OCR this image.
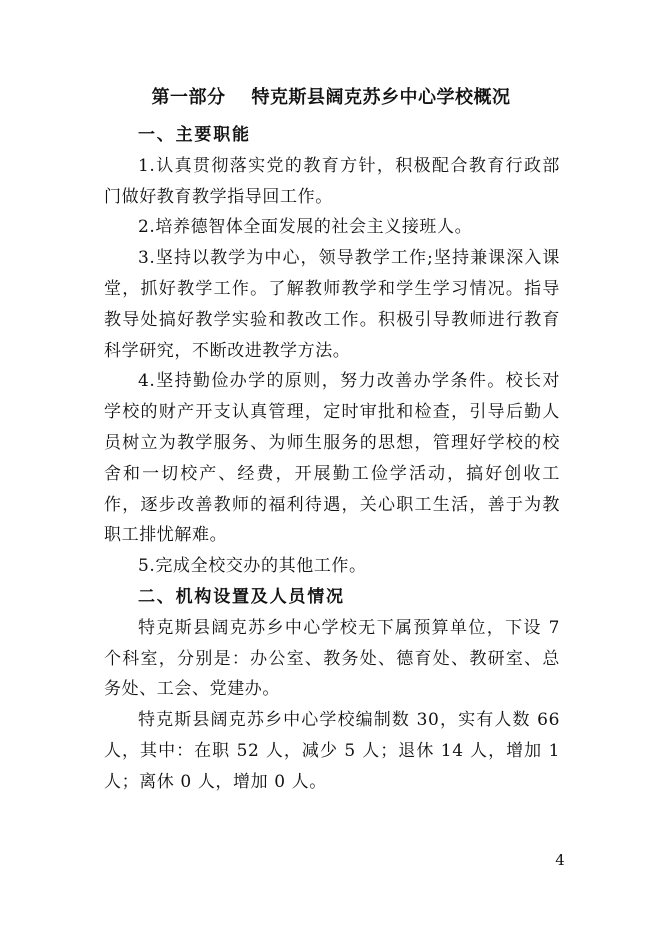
第一部分 特克斯县阔克苏乡中心学校概况

一、主要职能

1.认真贯彻落实党的教育方针，积极配合教育行政部门做好教育教学指导回工作。

2.培养德智体全面发展的社会主义接班人。

3.坚持以教学为中心，领导教学工作;坚持兼课深入课堂，抓好教学工作。了解教师教学和学生学习情况。指导教导处搞好教学实验和教改工作。积极引导教师进行教育科学研究，不断改进教学方法。

4.坚持勤俭办学的原则，努力改善办学条件。校长对学校的财产开支认真管理，定时审批和检查，引导后勤人员树立为教学服务、为师生服务的思想，管理好学校的校舍和一切校产、经费，开展勤工俭学活动，搞好创收工作，逐步改善教师的福利待遇，关心职工生活，善于为教职工排忧解难。

5.完成全校交办的其他工作。

二、机构设置及人员情况

特克斯县阔克苏乡中心学校无下属预算单位，下设 7 个科室，分别是：办公室、教务处、德育处、教研室、总务处、工会、党建办。

特克斯县阔克苏乡中心学校编制数 30，实有人数 66 人，其中：在职 52 人，减少 5 人；退休 14 人，增加 1 人；离休 0 人，增加 0 人。

4
